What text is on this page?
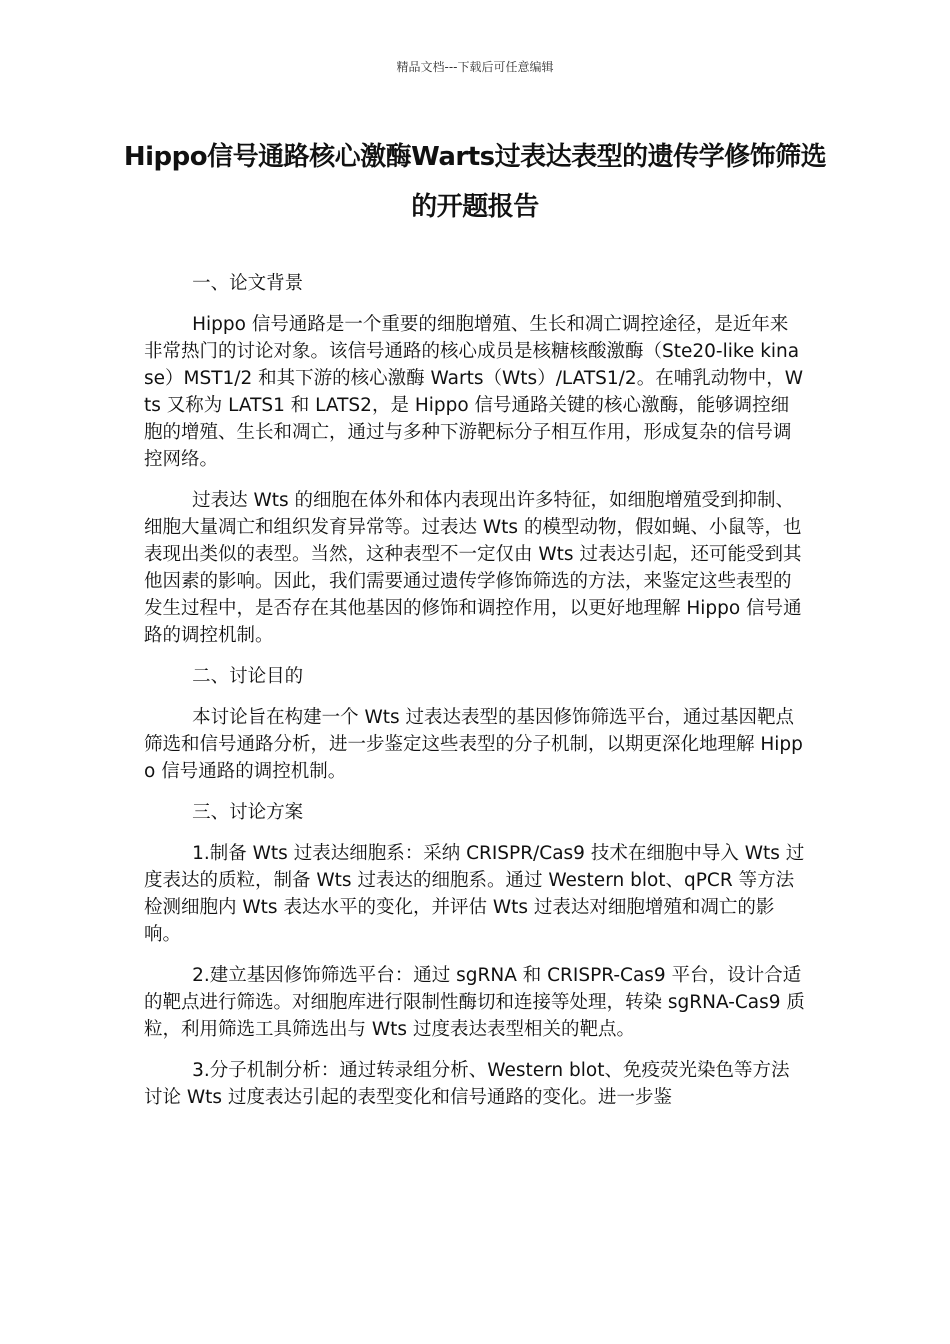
精品文档---下载后可任意编辑
Hippo信号通路核心激酶Warts过表达表型的遗传学修饰筛选的开题报告

一、论文背景

Hippo 信号通路是一个重要的细胞增殖、生长和凋亡调控途径，是近年来非常热门的讨论对象。该信号通路的核心成员是核糖核酸激酶（Ste20-like kinase）MST1/2 和其下游的核心激酶 Warts（Wts）/LATS1/2。在哺乳动物中，Wts 又称为 LATS1 和 LATS2，是 Hippo 信号通路关键的核心激酶，能够调控细胞的增殖、生长和凋亡，通过与多种下游靶标分子相互作用，形成复杂的信号调控网络。

过表达 Wts 的细胞在体外和体内表现出许多特征，如细胞增殖受到抑制、细胞大量凋亡和组织发育异常等。过表达 Wts 的模型动物，假如蝇、小鼠等，也表现出类似的表型。当然，这种表型不一定仅由 Wts 过表达引起，还可能受到其他因素的影响。因此，我们需要通过遗传学修饰筛选的方法，来鉴定这些表型的发生过程中，是否存在其他基因的修饰和调控作用，以更好地理解 Hippo 信号通路的调控机制。

二、讨论目的

本讨论旨在构建一个 Wts 过表达表型的基因修饰筛选平台，通过基因靶点筛选和信号通路分析，进一步鉴定这些表型的分子机制，以期更深化地理解 Hippo 信号通路的调控机制。

三、讨论方案

1.制备 Wts 过表达细胞系：采纳 CRISPR/Cas9 技术在细胞中导入 Wts 过度表达的质粒，制备 Wts 过表达的细胞系。通过 Western blot、qPCR 等方法检测细胞内 Wts 表达水平的变化，并评估 Wts 过表达对细胞增殖和凋亡的影响。

2.建立基因修饰筛选平台：通过 sgRNA 和 CRISPR-Cas9 平台，设计合适的靶点进行筛选。对细胞库进行限制性酶切和连接等处理，转染 sgRNA-Cas9 质粒，利用筛选工具筛选出与 Wts 过度表达表型相关的靶点。

3.分子机制分析：通过转录组分析、Western blot、免疫荧光染色等方法讨论 Wts 过度表达引起的表型变化和信号通路的变化。进一步鉴
